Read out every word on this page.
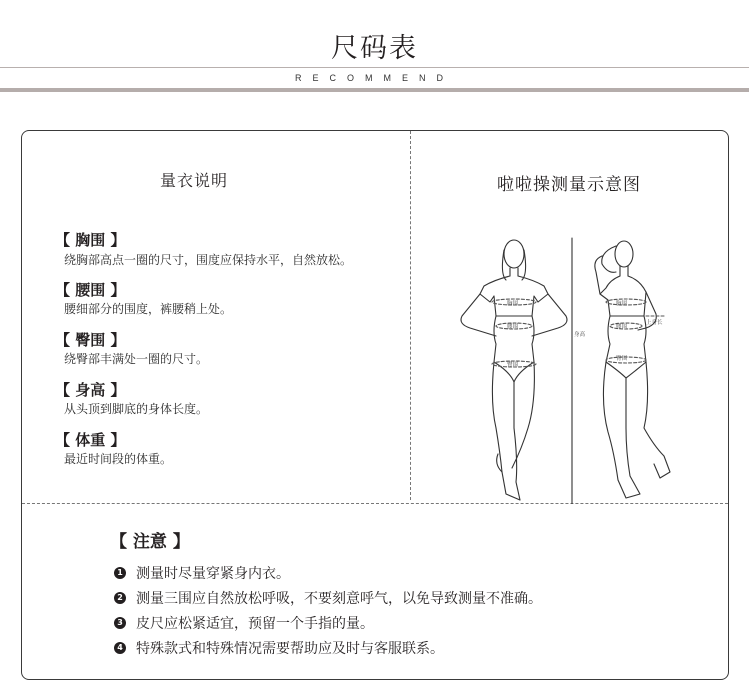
尺码表
RECOMMEND
量衣说明
【 胸围 】
绕胸部高点一圈的尺寸，围度应保持水平，自然放松。
【 腰围 】
腰细部分的围度，裤腰稍上处。
【 臀围 】
绕臀部丰满处一圈的尺寸。
【 身高 】
从头顶到脚底的身体长度。
【 体重 】
最近时间段的体重。
啦啦操测量示意图
胸围
腰围
臀围
胸围
腰围
臀围
上身长
身高
【 注意 】
1 测量时尽量穿紧身内衣。
2 测量三围应自然放松呼吸，不要刻意呼气，以免导致测量不准确。
3 皮尺应松紧适宜，预留一个手指的量。
4 特殊款式和特殊情况需要帮助应及时与客服联系。
